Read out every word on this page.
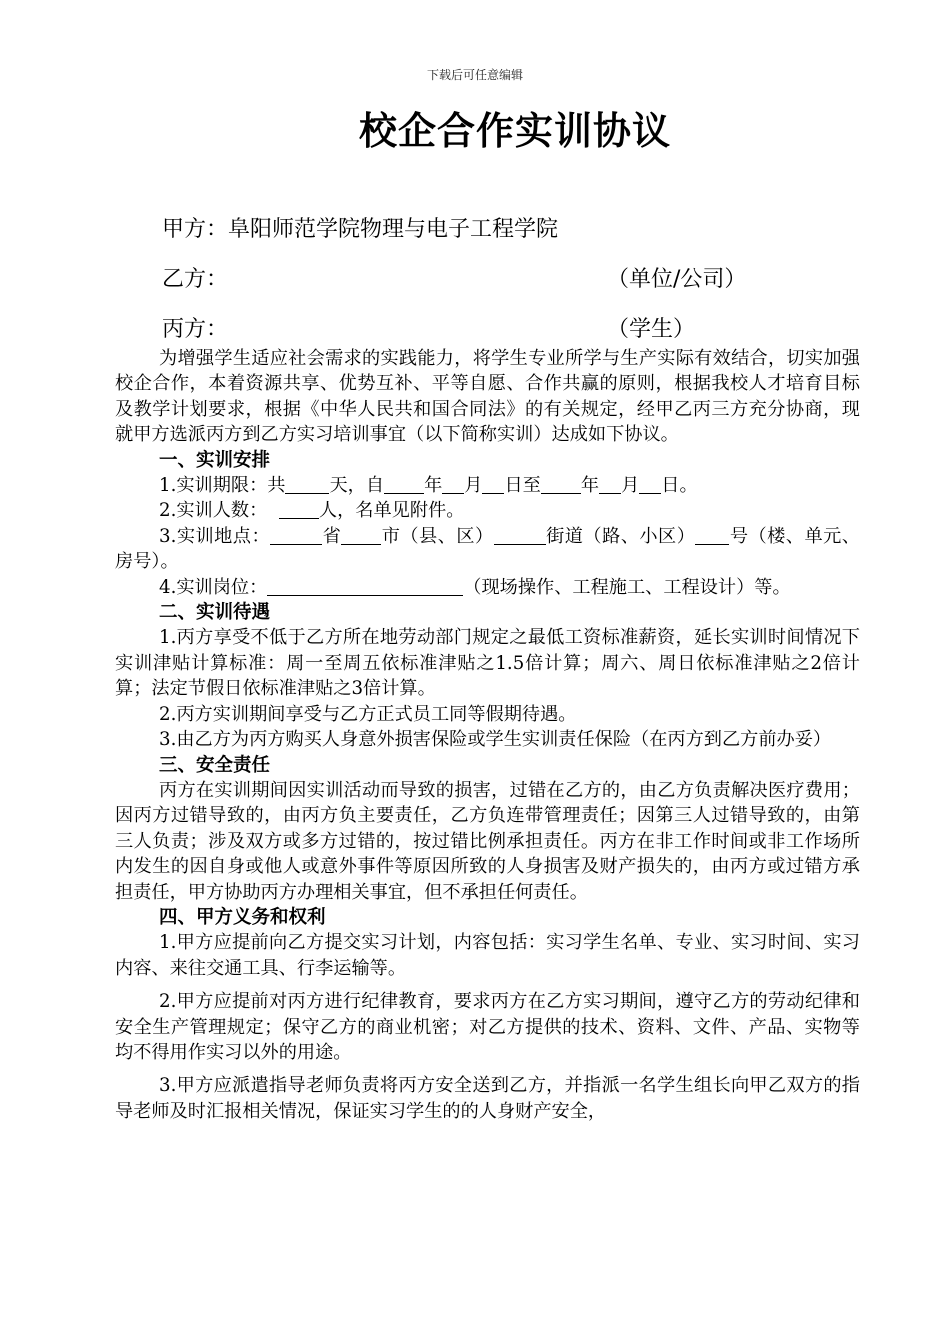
下载后可任意编辑
校企合作实训协议
甲方：阜阳师范学院物理与电子工程学院
乙方：	（单位/公司）
丙方：	（学生）

为增强学生适应社会需求的实践能力，将学生专业所学与生产实际有效结合，切实加强校企合作，本着资源共享、优势互补、平等自愿、合作共赢的原则，根据我校人才培育目标及教学计划要求，根据《中华人民共和国合同法》的有关规定，经甲乙丙三方充分协商，现就甲方选派丙方到乙方实习培训事宜（以下简称实训）达成如下协议。

一、实训安排

1.实训期限：共 天，自 年 月 日至 年 月 日。

2.实训人数：	人，名单见附件。

3.实训地点：	省 市（县、区）	街道（路、小区） 号（楼、单元、房号）。

4.实训岗位：	（现场操作、工程施工、工程设计）等。

二、实训待遇

1.丙方享受不低于乙方所在地劳动部门规定之最低工资标准薪资，延长实训时间情况下实训津贴计算标准：周一至周五依标准津贴之1.5倍计算；周六、周日依标准津贴之2倍计算；法定节假日依标准津贴之3倍计算。

2.丙方实训期间享受与乙方正式员工同等假期待遇。

3.由乙方为丙方购买人身意外损害保险或学生实训责任保险（在丙方到乙方前办妥）

三、安全责任

丙方在实训期间因实训活动而导致的损害，过错在乙方的，由乙方负责解决医疗费用；因丙方过错导致的，由丙方负主要责任，乙方负连带管理责任；因第三人过错导致的，由第三人负责；涉及双方或多方过错的，按过错比例承担责任。丙方在非工作时间或非工作场所内发生的因自身或他人或意外事件等原因所致的人身损害及财产损失的，由丙方或过错方承担责任，甲方协助丙方办理相关事宜，但不承担任何责任。

四、甲方义务和权利

1.甲方应提前向乙方提交实习计划，内容包括：实习学生名单、专业、实习时间、实习内容、来往交通工具、行李运输等。

2.甲方应提前对丙方进行纪律教育，要求丙方在乙方实习期间，遵守乙方的劳动纪律和安全生产管理规定；保守乙方的商业机密；对乙方提供的技术、资料、文件、产品、实物等均不得用作实习以外的用途。

3.甲方应派遣指导老师负责将丙方安全送到乙方，并指派一名学生组长向甲乙双方的指导老师及时汇报相关情况，保证实习学生的的人身财产安全，
